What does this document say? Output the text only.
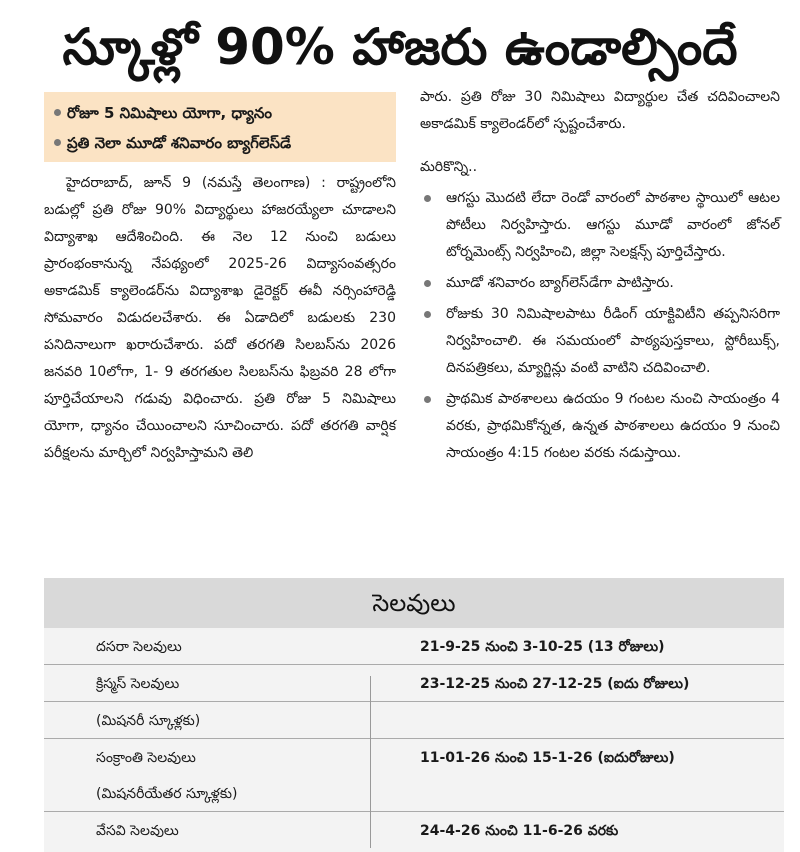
స్కూళ్లో 90% హాజరు ఉండాల్సిందే
రోజూ 5 నిమిషాలు యోగా, ధ్యానం
ప్రతి నెలా మూడో శనివారం బ్యాగ్‌లెస్‌డే
హైదరాబాద్, జూన్ 9 (నమస్తే తెలంగాణ) : రాష్ట్రంలోని బడుల్లో ప్రతి రోజు 90% విద్యార్థులు హాజరయ్యేలా చూడాలని విద్యాశాఖ ఆదేశించింది. ఈ నెల 12 నుంచి బడులు ప్రారంభంకానున్న నేపథ్యంలో 2025-26 విద్యాసంవత్సరం అకాడమిక్ క్యాలెండర్‌ను విద్యాశాఖ డైరెక్టర్ ఈవీ నర్సింహారెడ్డి సోమవారం విడుదలచేశారు. ఈ ఏడాదిలో బడులకు 230 పనిదినాలుగా ఖరారుచేశారు. పదో తరగతి సిలబస్‌ను 2026 జనవరి 10లోగా, 1- 9 తరగతుల సిలబస్‌ను ఫిబ్రవరి 28 లోగా పూర్తిచేయాలని గడువు విధించారు. ప్రతి రోజు 5 నిమిషాలు యోగా, ధ్యానం చేయించాలని సూచించారు. పదో తరగతి వార్షిక పరీక్షలను మార్చిలో నిర్వహిస్తామని తెలి
పారు. ప్రతి రోజు 30 నిమిషాలు విద్యార్థుల చేత చదివించాలని అకాడమిక్ క్యాలెండర్‌లో స్పష్టంచేశారు.
మరికొన్ని..
ఆగస్టు మొదటి లేదా రెండో వారంలో పాఠశాల స్థాయిలో ఆటల పోటీలు నిర్వహిస్తారు. ఆగస్టు మూడో వారంలో జోనల్ టోర్నమెంట్స్ నిర్వహించి, జిల్లా సెలక్షన్స్ పూర్తిచేస్తారు.
మూడో శనివారం బ్యాగ్‌లెస్‌డేగా పాటిస్తారు.
రోజుకు 30 నిమిషాలపాటు రీడింగ్ యాక్టివిటీని తప్పనిసరిగా నిర్వహించాలి. ఈ సమయంలో పాఠ్యపుస్తకాలు, స్టోరీబుక్స్, దినపత్రికలు, మ్యాగ్జిన్లు వంటి వాటిని చదివించాలి.
ప్రాథమిక పాఠశాలలు ఉదయం 9 గంటల నుంచి సాయంత్రం 4 వరకు, ప్రాథమికోన్నత, ఉన్నత పాఠశాలలు ఉదయం 9 నుంచి సాయంత్రం 4:15 గంటల వరకు నడుస్తాయి.
సెలవులు
దసరా సెలవులు	21-9-25 నుంచి 3-10-25 (13 రోజులు)
క్రిస్మస్ సెలవులు	23-12-25 నుంచి 27-12-25 (ఐదు రోజులు)
(మిషనరీ స్కూళ్లకు)
సంక్రాంతి సెలవులు	11-01-26 నుంచి 15-1-26 (ఐదురోజులు)
(మిషనరీయేతర స్కూళ్లకు)
వేసవి సెలవులు	24-4-26 నుంచి 11-6-26 వరకు
